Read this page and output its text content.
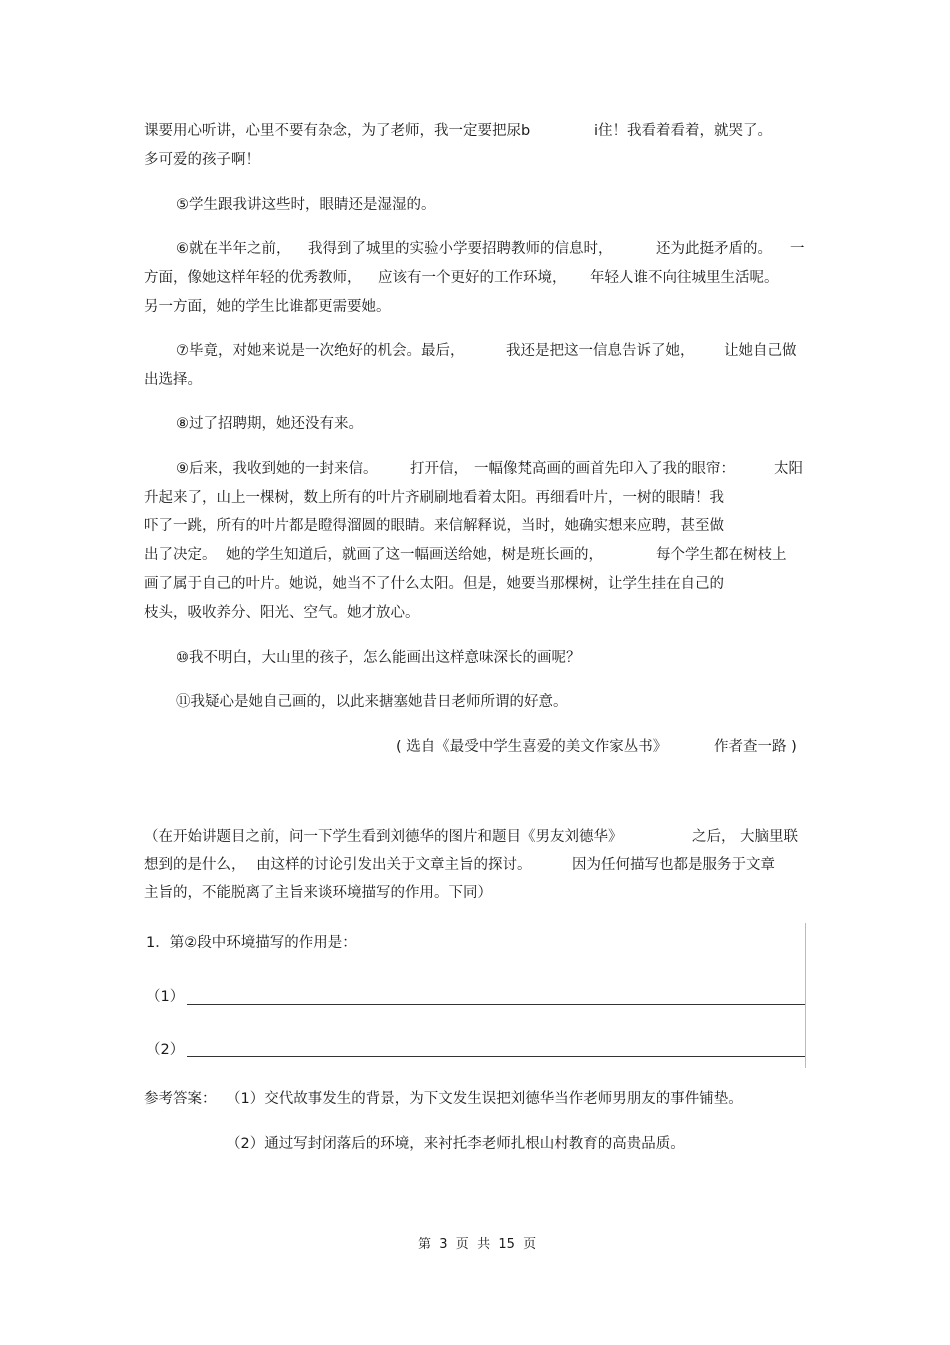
课要用心听讲，心里不要有杂念，为了老师，我一定要把尿b	i住！我看着看着，就哭了。
多可爱的孩子啊！
⑤学生跟我讲这些时，眼睛还是湿湿的。
⑥就在半年之前， 我得到了城里的实验小学要招聘教师的信息时，	还为此挺矛盾的。 一
方面，像她这样年轻的优秀教师， 应该有一个更好的工作环境， 年轻人谁不向往城里生活呢。
另一方面，她的学生比谁都更需要她。
⑦毕竟，对她来说是一次绝好的机会。最后，	我还是把这一信息告诉了她， 让她自己做
出选择。
⑧过了招聘期，她还没有来。
⑨后来，我收到她的一封来信。 打开信， 一幅像梵高画的画首先印入了我的眼帘：	太阳
升起来了，山上一棵树，数上所有的叶片齐刷刷地看着太阳。再细看叶片，一树的眼睛！我
吓了一跳，所有的叶片都是瞪得溜圆的眼睛。来信解释说，当时，她确实想来应聘，甚至做
出了决定。 她的学生知道后，就画了这一幅画送给她，树是班长画的，	每个学生都在树枝上
画了属于自己的叶片。她说，她当不了什么太阳。但是，她要当那棵树，让学生挂在自己的
枝头，吸收养分、阳光、空气。她才放心。
⑩我不明白，大山里的孩子，怎么能画出这样意味深长的画呢？
⑪我疑心是她自己画的，以此来搪塞她昔日老师所谓的好意。
( 选自《最受中学生喜爱的美文作家丛书》	作者查一路 )
（在开始讲题目之前，问一下学生看到刘德华的图片和题目《男友刘德华》	之后， 大脑里联
想到的是什么， 由这样的讨论引发出关于文章主旨的探讨。	因为任何描写也都是服务于文章
主旨的，不能脱离了主旨来谈环境描写的作用。下同）
1．第②段中环境描写的作用是：
（1）
（2）
参考答案： （1）交代故事发生的背景，为下文发生误把刘德华当作老师男朋友的事件铺垫。
（2）通过写封闭落后的环境，来衬托李老师扎根山村教育的高贵品质。
第  3  页  共  15  页
